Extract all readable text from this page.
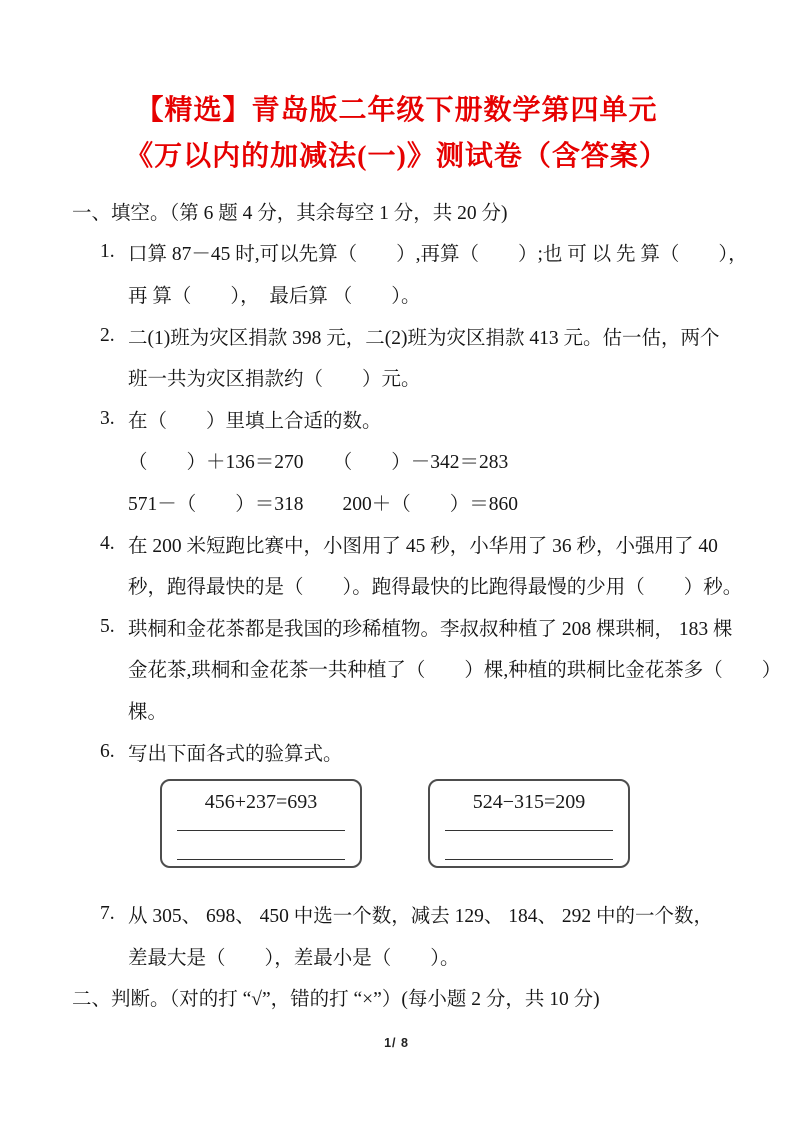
【精选】青岛版二年级下册数学第四单元
《万以内的加减法(一)》测试卷（含答案）
一、填空。（第 6 题 4 分，其余每空 1 分，共 20 分)
1. 口算 87－45 时,可以先算（　　）,再算（　　）;也 可 以 先 算（　　），
再 算（　　），  最后算 （　　）。
2. 二(1)班为灾区捐款 398 元，二(2)班为灾区捐款 413 元。估一估，两个
班一共为灾区捐款约（　　）元。
3. 在（　　）里填上合适的数。
（　　）＋136＝270　　（　　）－342＝283
571－（　　）＝318　　200＋（　　）＝860
4. 在 200 米短跑比赛中，小图用了 45 秒，小华用了 36 秒，小强用了 40
秒，跑得最快的是（　　）。跑得最快的比跑得最慢的少用（　　）秒。
5. 珙桐和金花茶都是我国的珍稀植物。李叔叔种植了 208 棵珙桐， 183 棵
金花茶,珙桐和金花茶一共种植了（　　）棵,种植的珙桐比金花茶多（　　）
棵。
6. 写出下面各式的验算式。
456+237=693	524−315=209
7. 从 305、 698、 450 中选一个数，减去 129、 184、 292 中的一个数，
差最大是（　　），差最小是（　　）。
二、判断。（对的打 “√”，错的打 “×”）(每小题 2 分，共 10 分)
1/ 8
